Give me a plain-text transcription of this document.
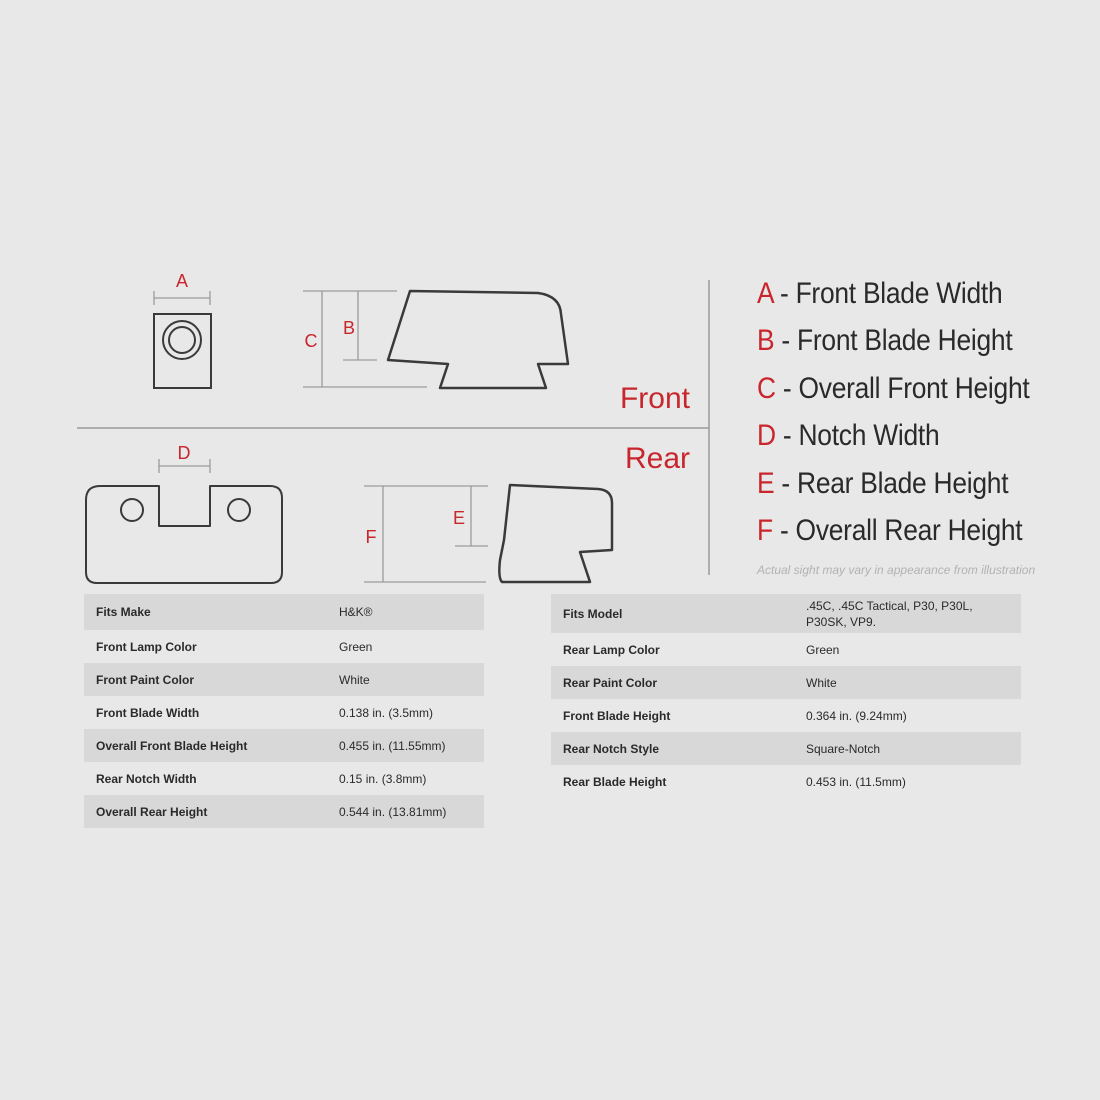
A
C
B
Front
Rear
D
F
E
A - Front Blade Width
B - Front Blade Height
C - Overall Front Height
D - Notch Width
E - Rear Blade Height
F - Overall Rear Height
Actual sight may vary in appearance from illustration
Fits Make	H&K®
Front Lamp Color	Green
Front Paint Color	White
Front Blade Width	0.138 in. (3.5mm)
Overall Front Blade Height	0.455 in. (11.55mm)
Rear Notch Width	0.15 in. (3.8mm)
Overall Rear Height	0.544 in. (13.81mm)
Fits Model	.45C, .45C Tactical, P30, P30L, P30SK, VP9.
Rear Lamp Color	Green
Rear Paint Color	White
Front Blade Height	0.364 in. (9.24mm)
Rear Notch Style	Square-Notch
Rear Blade Height	0.453 in. (11.5mm)
